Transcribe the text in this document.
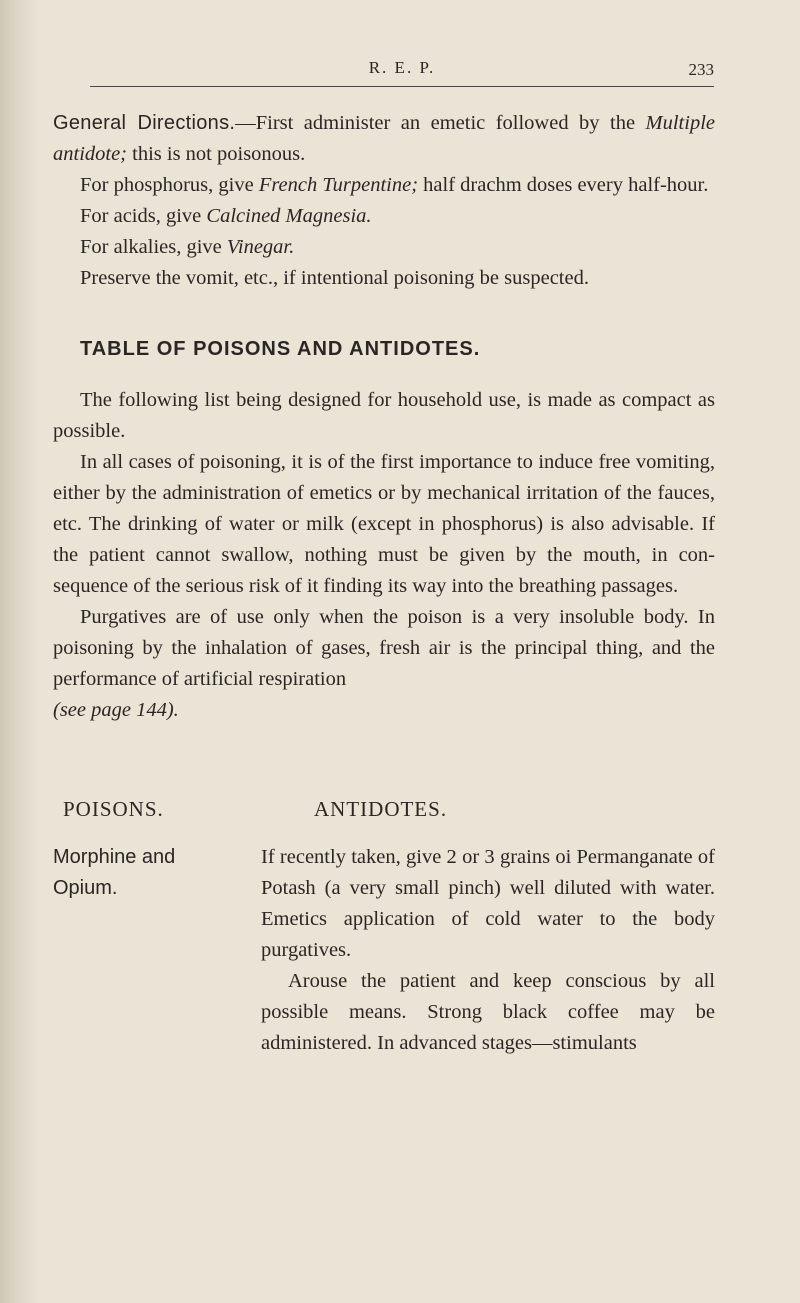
R. E. P.	233

General Directions.—First administer an emetic followed by the Multiple antidote; this is not poisonous.

For phosphorus, give French Turpentine; half drachm doses every half-hour.

For acids, give Calcined Magnesia.

For alkalies, give Vinegar.

Preserve the vomit, etc., if intentional poisoning be suspected.

TABLE OF POISONS AND ANTIDOTES.

The following list being designed for household use, is made as compact as possible.

In all cases of poisoning, it is of the first importance to induce free vomiting, either by the administration of emetics or by mechanical irritation of the fauces, etc. The drinking of water or milk (except in phosphorus) is also advisable. If the patient cannot swallow, nothing must be given by the mouth, in con- sequence of the serious risk of it finding its way into the breathing passages.

Purgatives are of use only when the poison is a very insoluble body. In poisoning by the inhalation of gases, fresh air is the principal thing, and the performance of artificial respiration

(see page 144).

POISONS.	ANTIDOTES.
Morphine and
Opium.

If recently taken, give 2 or 3 grains oi Permanganate of Potash (a very small pinch) well diluted with water. Emetics application of cold water to the body purgatives.

Arouse the patient and keep conscious by all possible means. Strong black coffee may be administered. In advanced stages—stimulants
